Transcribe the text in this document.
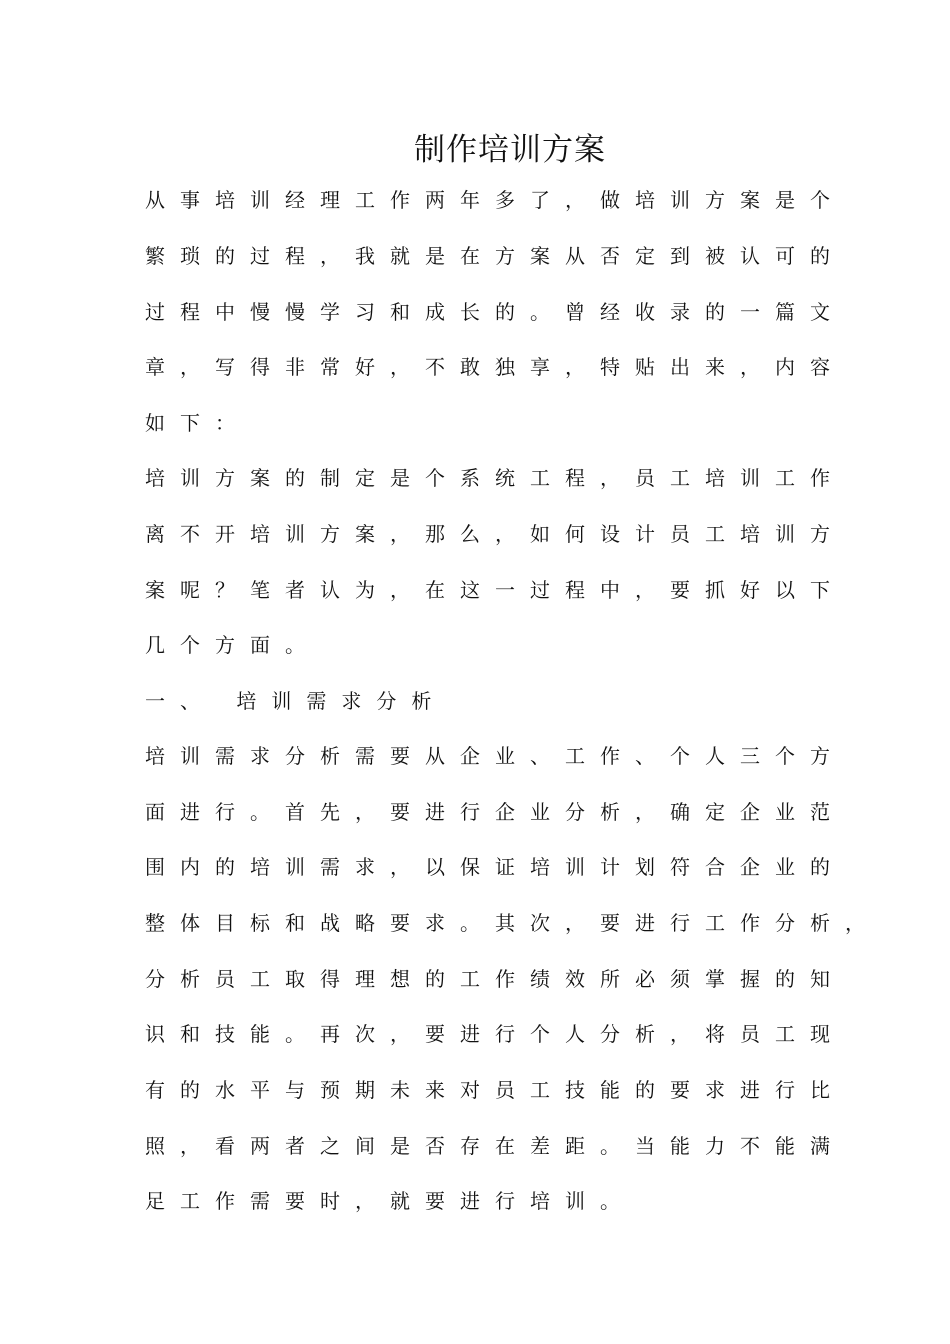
制作培训方案
从事培训经理工作两年多了，做培训方案是个
繁琐的过程，我就是在方案从否定到被认可的
过程中慢慢学习和成长的。曾经收录的一篇文
章，写得非常好，不敢独享，特贴出来，内容
如下：
培训方案的制定是个系统工程，员工培训工作
离不开培训方案，那么，如何设计员工培训方
案呢？笔者认为，在这一过程中，要抓好以下
几个方面。
一、 培训需求分析
培训需求分析需要从企业、工作、个人三个方
面进行。首先，要进行企业分析，确定企业范
围内的培训需求，以保证培训计划符合企业的
整体目标和战略要求。其次，要进行工作分析，
分析员工取得理想的工作绩效所必须掌握的知
识和技能。再次，要进行个人分析，将员工现
有的水平与预期未来对员工技能的要求进行比
照，看两者之间是否存在差距。当能力不能满
足工作需要时，就要进行培训。
